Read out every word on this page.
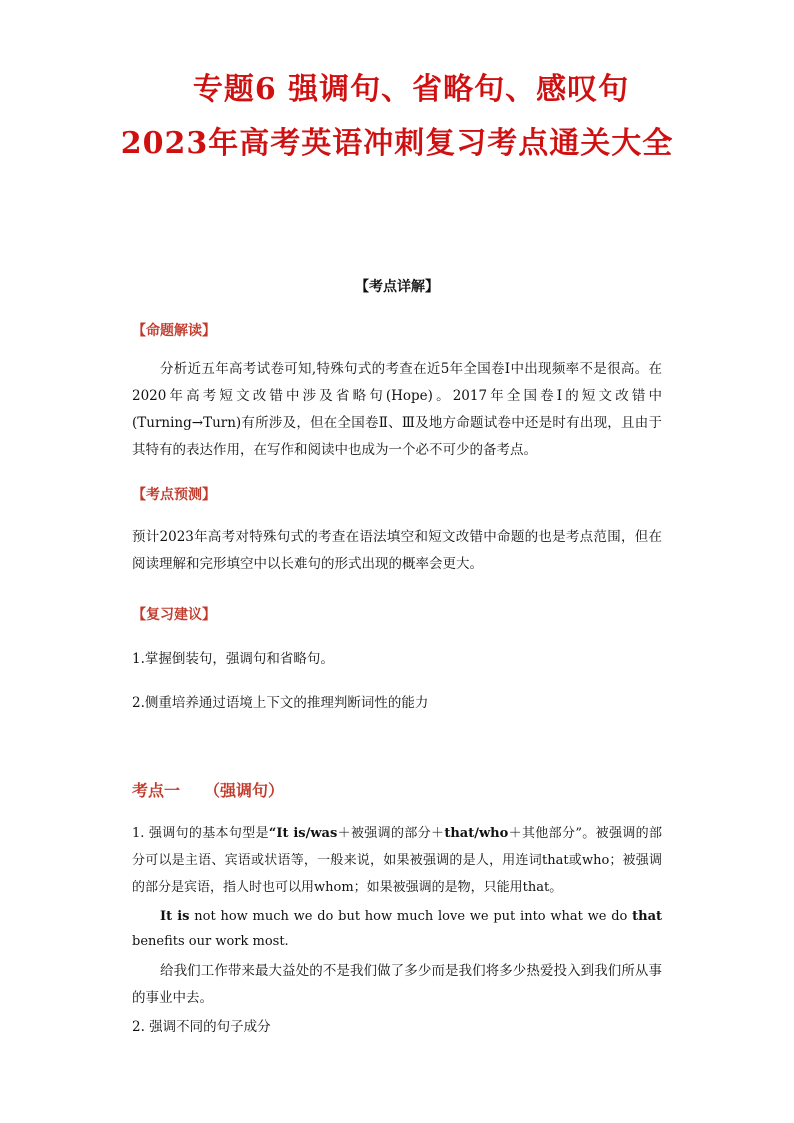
专题6 强调句、省略句、感叹句
2023年高考英语冲刺复习考点通关大全
【考点详解】
【命题解读】
分析近五年高考试卷可知,特殊句式的考查在近5年全国卷Ⅰ中出现频率不是很高。在 2020年高考短文改错中涉及省略句(Hope)。2017年全国卷Ⅰ的短文改错中(Turning→Turn)有所涉及，但在全国卷Ⅱ、Ⅲ及地方命题试卷中还是时有出现，且由于其特有的表达作用，在写作和阅读中也成为一个必不可少的备考点。
【考点预测】
预计2023年高考对特殊句式的考查在语法填空和短文改错中命题的也是考点范围，但在阅读理解和完形填空中以长难句的形式出现的概率会更大。
【复习建议】
1.掌握倒装句，强调句和省略句。
2.侧重培养通过语境上下文的推理判断词性的能力
考点一 （强调句）
1. 强调句的基本句型是“It is/was＋被强调的部分＋that/who＋其他部分”。被强调的部分可以是主语、宾语或状语等，一般来说，如果被强调的是人，用连词that或who；被强调的部分是宾语，指人时也可以用whom；如果被强调的是物，只能用that。
It is not how much we do but how much love we put into what we do that benefits our work most.
给我们工作带来最大益处的不是我们做了多少而是我们将多少热爱投入到我们所从事的事业中去。
2. 强调不同的句子成分
